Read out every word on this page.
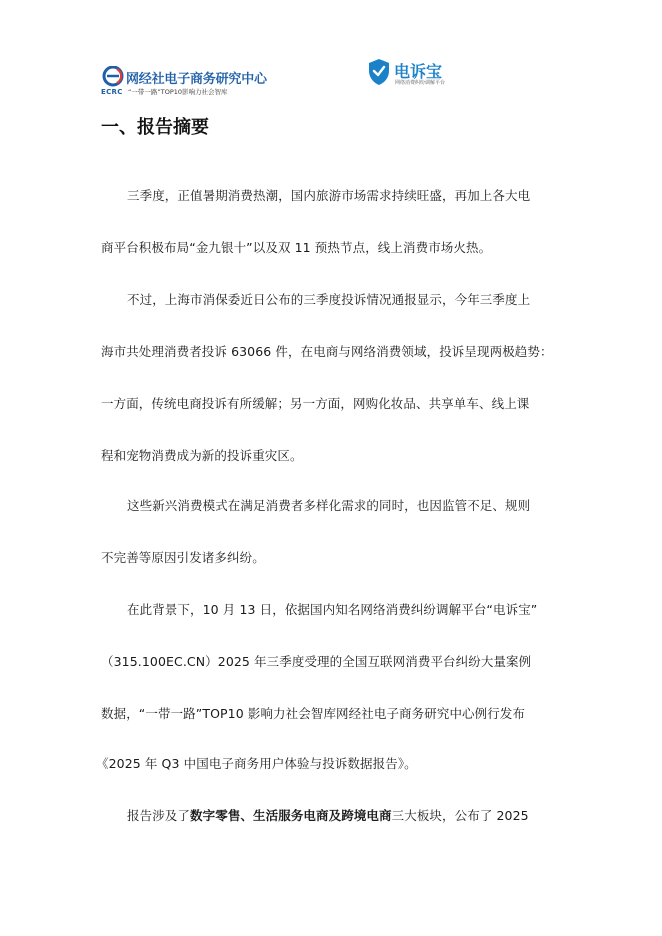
ECRC
网经社电子商务研究中心
“一带一路”TOP10影响力社会智库
电诉宝
网络消费纠纷调解平台
一、报告摘要
三季度，正值暑期消费热潮，国内旅游市场需求持续旺盛，再加上各大电
商平台积极布局“金九银十”以及双 11 预热节点，线上消费市场火热。
不过，上海市消保委近日公布的三季度投诉情况通报显示，今年三季度上
海市共处理消费者投诉 63066 件，在电商与网络消费领域，投诉呈现两极趋势：
一方面，传统电商投诉有所缓解；另一方面，网购化妆品、共享单车、线上课
程和宠物消费成为新的投诉重灾区。
这些新兴消费模式在满足消费者多样化需求的同时，也因监管不足、规则
不完善等原因引发诸多纠纷。
在此背景下，10 月 13 日，依据国内知名网络消费纠纷调解平台“电诉宝”
（315.100EC.CN）2025 年三季度受理的全国互联网消费平台纠纷大量案例
数据，“一带一路”TOP10 影响力社会智库网经社电子商务研究中心例行发布
《2025 年 Q3 中国电子商务用户体验与投诉数据报告》。
报告涉及了数字零售、生活服务电商及跨境电商三大板块，公布了 2025
